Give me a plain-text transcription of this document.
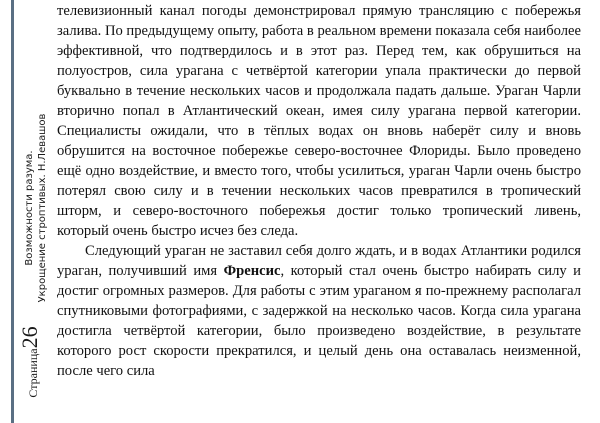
Возможности разума. Укрощение строптивых. Н.Левашов
Страница26

телевизионный канал погоды демонстрировал прямую трансляцию с побережья залива. По предыдущему опыту, работа в реальном времени показала себя наиболее эффективной, что подтвердилось и в этот раз. Перед тем, как обрушиться на полуостров, сила урагана с четвёртой категории упала практически до первой буквально в течение нескольких часов и продолжала падать дальше. Ураган Чарли вторично попал в Атлантический океан, имея силу урагана первой категории. Специалисты ожидали, что в тёплых водах он вновь наберёт силу и вновь обрушится на восточное побережье северо-восточнее Флориды. Было проведено ещё одно воздействие, и вместо того, чтобы усилиться, ураган Чарли очень быстро потерял свою силу и в течении нескольких часов превратился в тропический шторм, и северо-восточного побережья достиг только тропический ливень, который очень быстро исчез без следа.

Следующий ураган не заставил себя долго ждать, и в водах Атлантики родился ураган, получивший имя Френсис, который стал очень быстро набирать силу и достиг огромных размеров. Для работы с этим ураганом я по-прежнему располагал спутниковыми фотографиями, с задержкой на несколько часов. Когда сила урагана достигла четвёртой категории, было произведено воздействие, в результате которого рост скорости прекратился, и целый день она оставалась неизменной, после чего сила
